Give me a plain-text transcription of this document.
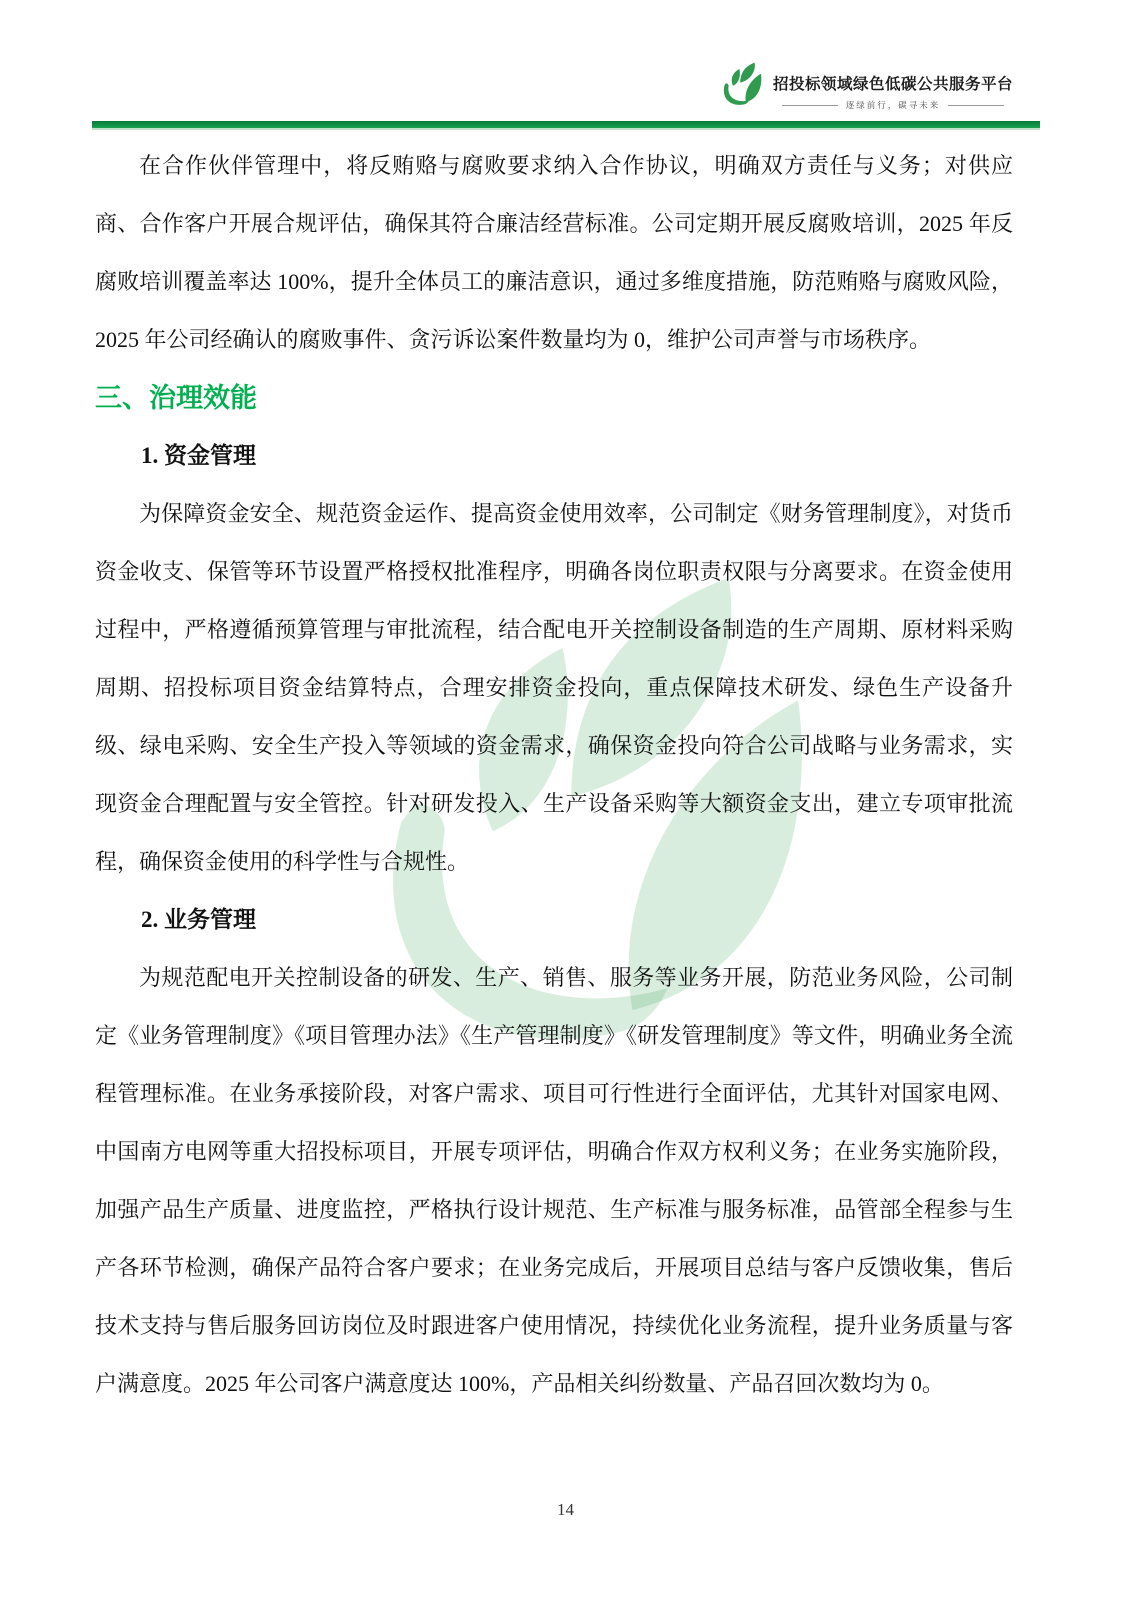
招投标领域绿色低碳公共服务平台
逐绿前行，碳寻未来

在合作伙伴管理中，将反贿赂与腐败要求纳入合作协议，明确双方责任与义务；对供应商、合作客户开展合规评估，确保其符合廉洁经营标准。公司定期开展反腐败培训，2025 年反腐败培训覆盖率达 100%，提升全体员工的廉洁意识，通过多维度措施，防范贿赂与腐败风险，2025 年公司经确认的腐败事件、贪污诉讼案件数量均为 0，维护公司声誉与市场秩序。

三、治理效能
1. 资金管理

为保障资金安全、规范资金运作、提高资金使用效率，公司制定《财务管理制度》，对货币资金收支、保管等环节设置严格授权批准程序，明确各岗位职责权限与分离要求。在资金使用过程中，严格遵循预算管理与审批流程，结合配电开关控制设备制造的生产周期、原材料采购周期、招投标项目资金结算特点，合理安排资金投向，重点保障技术研发、绿色生产设备升级、绿电采购、安全生产投入等领域的资金需求，确保资金投向符合公司战略与业务需求，实现资金合理配置与安全管控。针对研发投入、生产设备采购等大额资金支出，建立专项审批流程，确保资金使用的科学性与合规性。

2. 业务管理

为规范配电开关控制设备的研发、生产、销售、服务等业务开展，防范业务风险，公司制定《业务管理制度》《项目管理办法》《生产管理制度》《研发管理制度》等文件，明确业务全流程管理标准。在业务承接阶段，对客户需求、项目可行性进行全面评估，尤其针对国家电网、中国南方电网等重大招投标项目，开展专项评估，明确合作双方权利义务；在业务实施阶段，加强产品生产质量、进度监控，严格执行设计规范、生产标准与服务标准，品管部全程参与生产各环节检测，确保产品符合客户要求；在业务完成后，开展项目总结与客户反馈收集，售后技术支持与售后服务回访岗位及时跟进客户使用情况，持续优化业务流程，提升业务质量与客户满意度。2025 年公司客户满意度达 100%，产品相关纠纷数量、产品召回次数均为 0。

14
